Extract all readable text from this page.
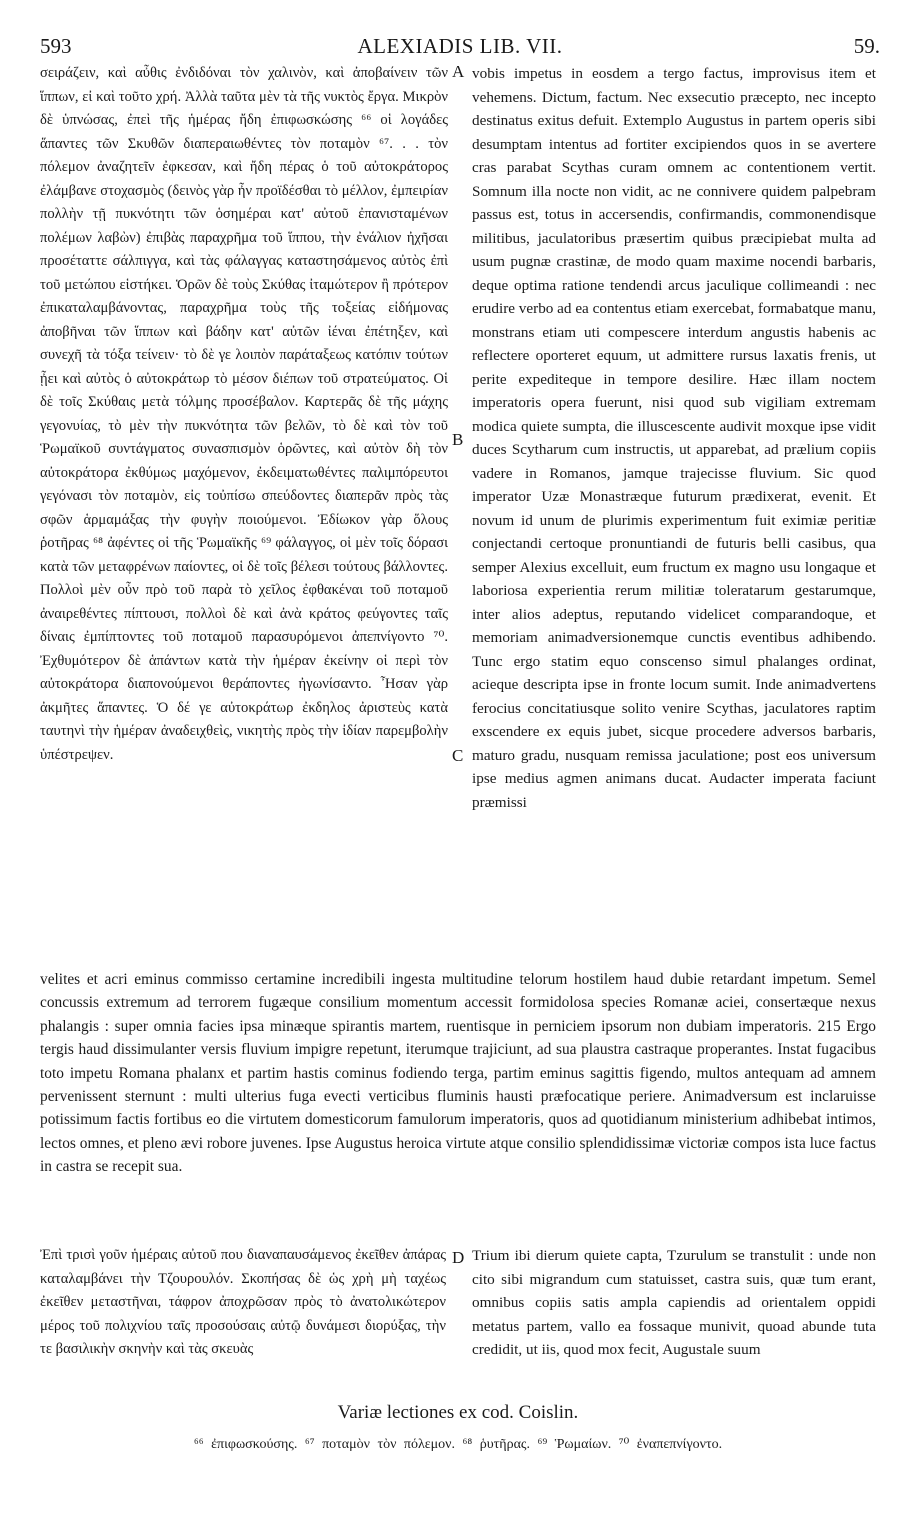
593	ALEXIADIS LIB. VII.	59.

σειράζειν, καὶ αὖθις ἐνδιδόναι τὸν χαλινὸν, καὶ ἀποβαίνειν τῶν ἵππων, εἰ καὶ τοῦτο χρή. Ἀλλὰ ταῦτα μὲν τὰ τῆς νυκτὸς ἔργα. Μικρὸν δὲ ὑπνώσας, ἐπεὶ τῆς ἡμέρας ἤδη ἐπιφωσκώσης ⁶⁶ οἱ λογάδες ἅπαντες τῶν Σκυθῶν διαπεραιωθέντες τὸν ποταμὸν ⁶⁷. . . τὸν πόλεμον ἀναζητεῖν ἐφκεσαν, καὶ ἤδη πέρας ὁ τοῦ αὐτοκράτορος ἐλάμβανε στοχασμὸς (δεινὸς γὰρ ἦν προϊδέσθαι τὸ μέλλον, ἐμπειρίαν πολλὴν τῇ πυκνότητι τῶν ὁσημέραι κατ' αὐτοῦ ἐπανισταμένων πολέμων λαβὼν) ἐπιβὰς παραχρῆμα τοῦ ἵππου, τὴν ἐνάλιον ἠχῆσαι προσέταττε σάλπιγγα, καὶ τὰς φάλαγγας καταστησάμενος αὐτὸς ἐπὶ τοῦ μετώπου εἱστήκει. Ὁρῶν δὲ τοὺς Σκύθας ἰταμώτερον ἢ πρότερον ἐπικαταλαμβάνοντας, παραχρῆμα τοὺς τῆς τοξείας εἰδήμονας ἀποβῆναι τῶν ἵππων καὶ βάδην κατ' αὐτῶν ἰέναι ἐπέτηξεν, καὶ συνεχῆ τὰ τόξα τείνειν· τὸ δὲ γε λοιπὸν παράταξεως κατόπιν τούτων ᾖει καὶ αὐτὸς ὁ αὐτοκράτωρ τὸ μέσον διέπων τοῦ στρατεύματος. Οἱ δὲ τοῖς Σκύθαις μετὰ τόλμης προσέβαλον. Καρτερᾶς δὲ τῆς μάχης γεγονυίας, τὸ μὲν τὴν πυκνότητα τῶν βελῶν, τὸ δὲ καὶ τὸν τοῦ Ῥωμαϊκοῦ συντάγματος συνασπισμὸν ὁρῶντες, καὶ αὐτὸν δὴ τὸν αὐτοκράτορα ἐκθύμως μαχόμενον, ἐκδειματωθέντες παλιμπόρευτοι γεγόνασι τὸν ποταμὸν, εἰς τοὐπίσω σπεύδοντες διαπερᾶν πρὸς τὰς σφῶν ἁρμαμάξας τὴν φυγὴν ποιούμενοι. Ἐδίωκον γὰρ ὅλους ῥοτῆρας ⁶⁸ ἀφέντες οἱ τῆς Ῥωμαϊκῆς ⁶⁹ φάλαγγος, οἱ μὲν τοῖς δόρασι κατὰ τῶν μεταφρένων παίοντες, οἱ δὲ τοῖς βέλεσι τούτους βάλλοντες. Πολλοὶ μὲν οὖν πρὸ τοῦ παρὰ τὸ χεῖλος ἐφθακέναι τοῦ ποταμοῦ ἀναιρεθέντες πίπτουσι, πολλοὶ δὲ καὶ ἀνὰ κράτος φεύγοντες ταῖς δίναις ἐμπίπτοντες τοῦ ποταμοῦ παρασυρόμενοι ἀπεπνίγοντο ⁷⁰. Ἐχθυμότερον δὲ ἁπάντων κατὰ τὴν ἡμέραν ἐκείνην οἱ περὶ τὸν αὐτοκράτορα διαπονούμενοι θεράποντες ἠγωνίσαντο. Ἦσαν γὰρ ἀκμῆτες ἅπαντες. Ὁ δέ γε αὐτοκράτωρ ἐκδηλος ἀριστεὺς κατὰ ταυτηνὶ τὴν ἡμέραν ἀναδειχθεὶς, νικητὴς πρὸς τὴν ἰδίαν παρεμβολὴν ὑπέστρεψεν.

A
B
C
D

vobis impetus in eosdem a tergo factus, improvisus item et vehemens. Dictum, factum. Nec exsecutio præcepto, nec incepto destinatus exitus defuit. Extemplo Augustus in partem operis sibi desumptam intentus ad fortiter excipiendos quos in se avertere cras parabat Scythas curam omnem ac contentionem vertit. Somnum illa nocte non vidit, ac ne connivere quidem palpebram passus est, totus in accersendis, confirmandis, commonendisque militibus, jaculatoribus præsertim quibus præcipiebat multa ad usum pugnæ crastinæ, de modo quam maxime nocendi barbaris, deque optima ratione tendendi arcus jaculique collimeandi : nec erudire verbo ad ea contentus etiam exercebat, formabatque manu, monstrans etiam uti compescere interdum angustis habenis ac reflectere oporteret equum, ut admittere rursus laxatis frenis, ut perite expediteque in tempore desilire. Hæc illam noctem imperatoris opera fuerunt, nisi quod sub vigiliam extremam modica quiete sumpta, die illuscescente audivit moxque ipse vidit duces Scytharum cum instructis, ut apparebat, ad prælium copiis vadere in Romanos, jamque trajecisse fluvium. Sic quod imperator Uzæ Monastræque futurum prædixerat, evenit. Et novum id unum de plurimis experimentum fuit eximiæ peritiæ conjectandi certoque pronuntiandi de futuris belli casibus, qua semper Alexius excelluit, eum fructum ex magno usu longaque et laboriosa experientia rerum militiæ toleratarum gestarumque, inter alios adeptus, reputando videlicet comparandoque, et memoriam animadversionemque cunctis eventibus adhibendo. Tunc ergo statim equo conscenso simul phalanges ordinat, acieque descripta ipse in fronte locum sumit. Inde animadvertens ferocius concitatiusque solito venire Scythas, jaculatores raptim exscendere ex equis jubet, sicque procedere adversos barbaris, maturo gradu, nusquam remissa jaculatione; post eos universum ipse medius agmen animans ducat. Audacter imperata faciunt præmissi

velites et acri eminus commisso certamine incredibili ingesta multitudine telorum hostilem haud dubie retardant impetum. Semel concussis extremum ad terrorem fugæque consilium momentum accessit formidolosa species Romanæ aciei, consertæque nexus phalangis : super omnia facies ipsa minæque spirantis martem, ruentisque in perniciem ipsorum non dubiam imperatoris. 215 Ergo tergis haud dissimulanter versis fluvium impigre repetunt, iterumque trajiciunt, ad sua plaustra castraque properantes. Instat fugacibus toto impetu Romana phalanx et partim hastis cominus fodiendo terga, partim eminus sagittis figendo, multos antequam ad amnem pervenissent sternunt : multi ulterius fuga evecti verticibus fluminis hausti præfocatique periere. Animadversum est inclaruisse potissimum factis fortibus eo die virtutem domesticorum famulorum imperatoris, quos ad quotidianum ministerium adhibebat intimos, lectos omnes, et pleno ævi robore juvenes. Ipse Augustus heroica virtute atque consilio splendidissimæ victoriæ compos ista luce factus in castra se recepit sua.

Ἐπὶ τρισὶ γοῦν ἡμέραις αὐτοῦ που διαναπαυσάμενος ἐκεῖθεν ἀπάρας καταλαμβάνει τὴν Τζουρουλόν. Σκοπήσας δὲ ὡς χρὴ μὴ ταχέως ἐκεῖθεν μεταστῆναι, τάφρον ἀποχρῶσαν πρὸς τὸ ἀνατολικώτερον μέρος τοῦ πολιχνίου ταῖς προσούσαις αὐτῷ δυνάμεσι διορύξας, τὴν τε βασιλικὴν σκηνὴν καὶ τὰς σκευὰς

Trium ibi dierum quiete capta, Tzurulum se transtulit : unde non cito sibi migrandum cum statuisset, castra suis, quæ tum erant, omnibus copiis satis ampla capiendis ad orientalem oppidi metatus partem, vallo ea fossaque munivit, quoad abunde tuta credidit, ut iis, quod mox fecit, Augustale suum

Variæ lectiones ex cod. Coislin.
⁶⁶ ἐπιφωσκούσης. ⁶⁷ ποταμὸν τὸν πόλεμον. ⁶⁸ ῥυτῆρας. ⁶⁹ Ῥωμαίων. ⁷⁰ ἐναπεπνίγοντο.
